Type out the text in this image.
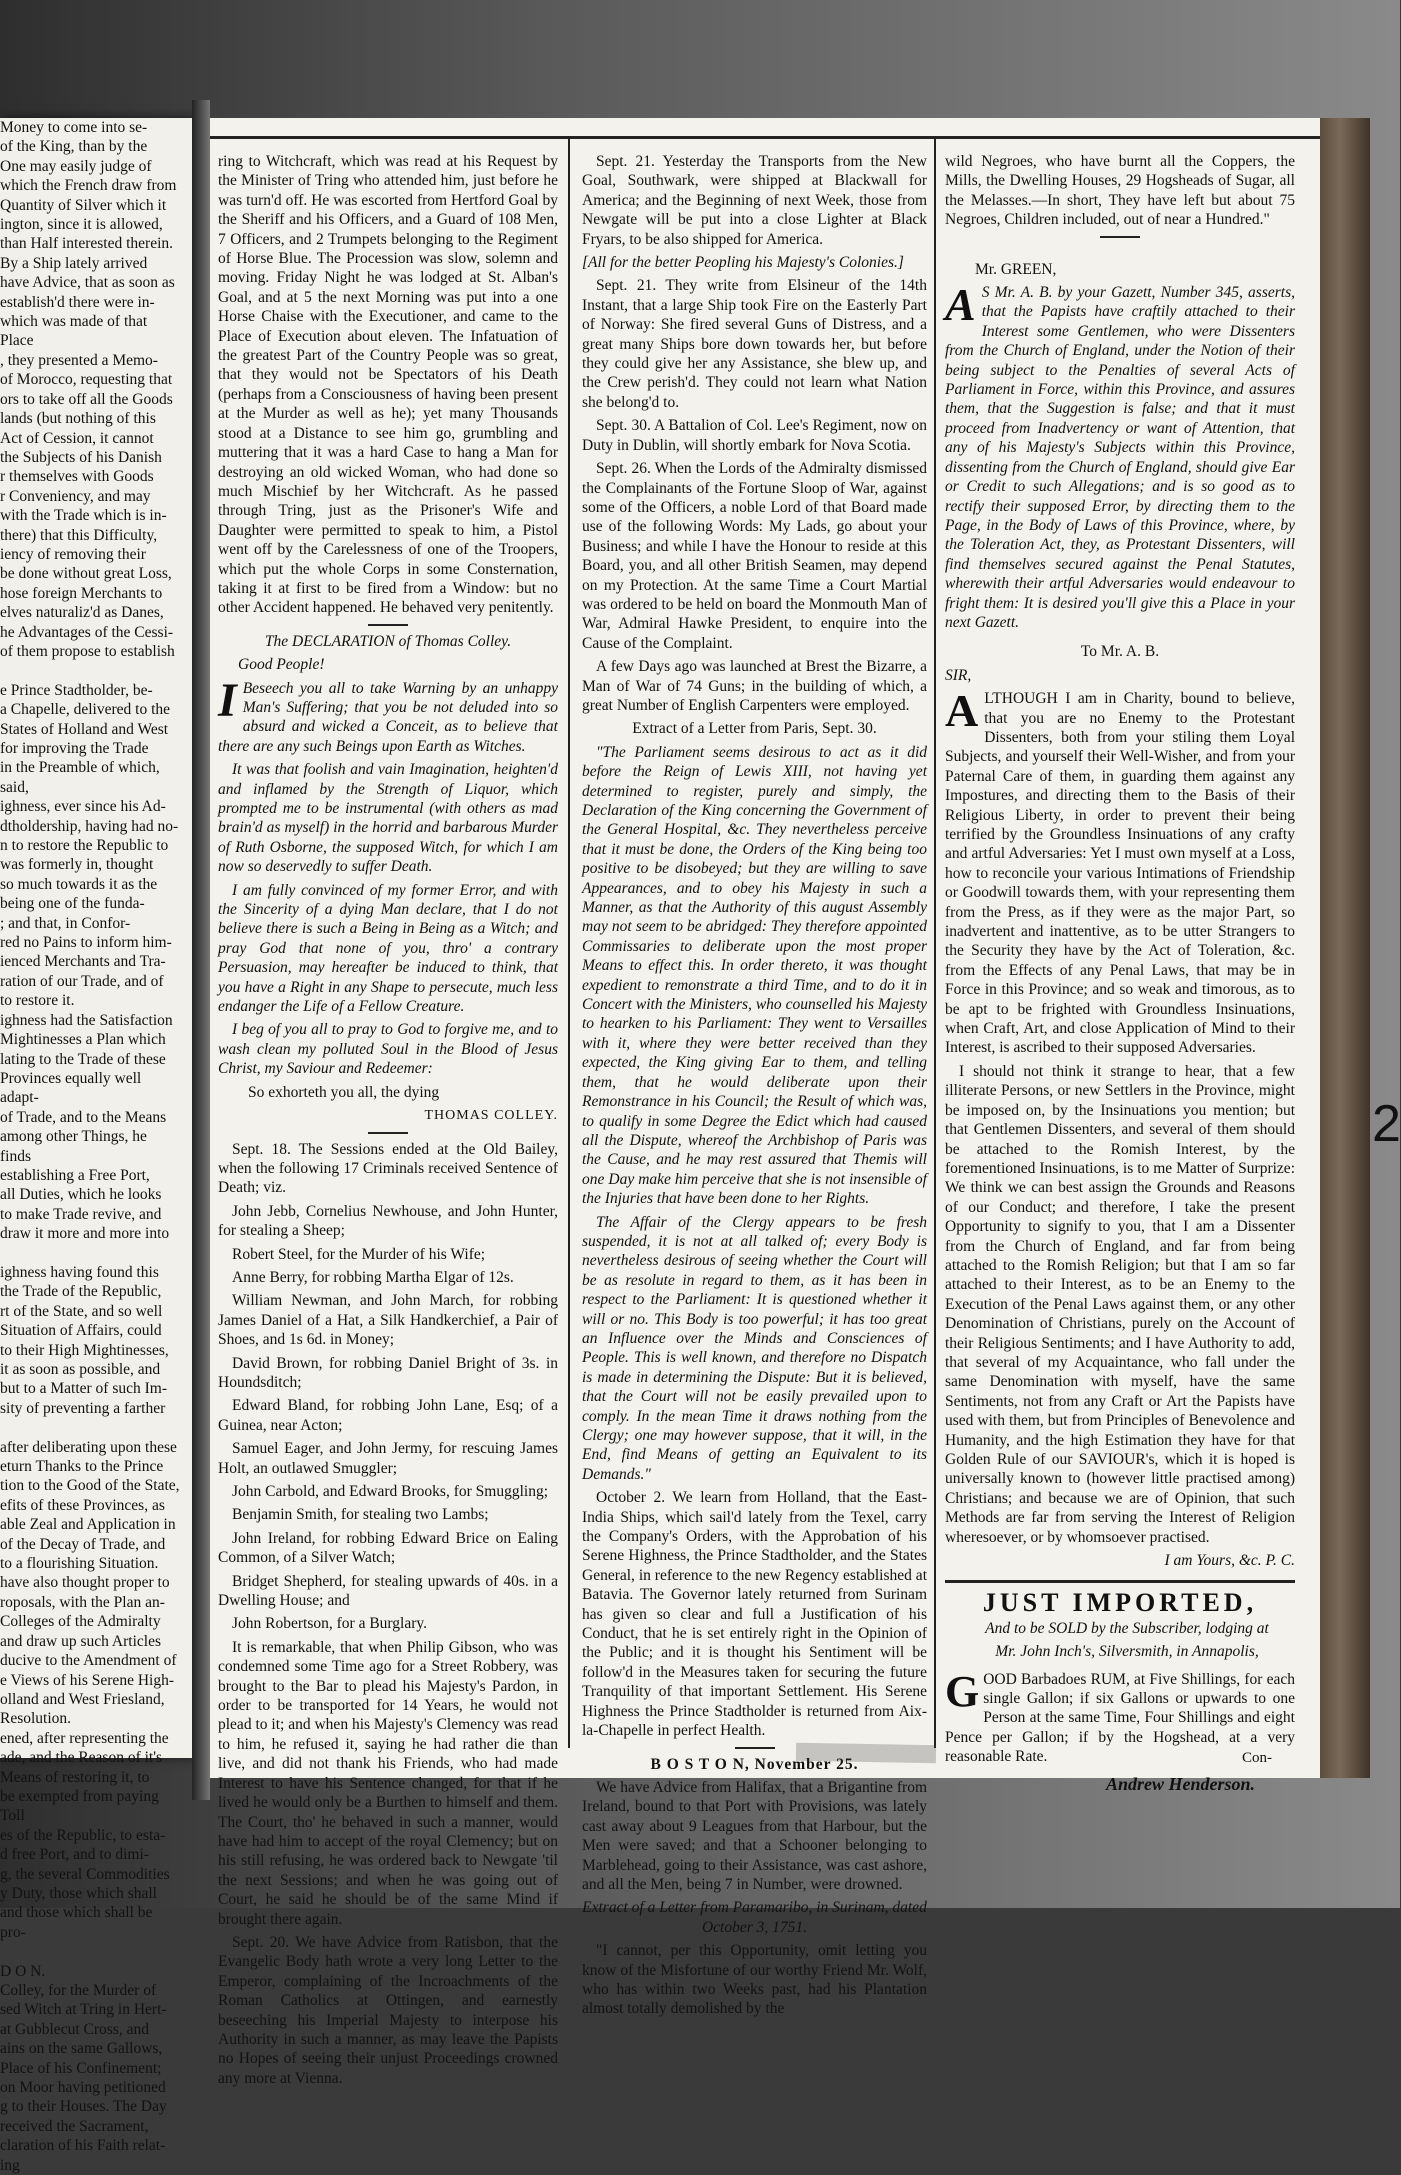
Money to come into se-

of the King, than by the

One may easily judge of

which the French draw from

Quantity of Silver which it

ington, since it is allowed,

than Half interested therein.

By a Ship lately arrived

have Advice, that as soon as

establish'd there were in-

which was made of that Place

, they presented a Memo-

of Morocco, requesting that

ors to take off all the Goods

lands (but nothing of this

Act of Cession, it cannot

the Subjects of his Danish

r themselves with Goods

r Conveniency, and may

with the Trade which is in-

there) that this Difficulty,

iency of removing their

be done without great Loss,

hose foreign Merchants to

elves naturaliz'd as Danes,

he Advantages of the Cessi-

of them propose to establish

e Prince Stadtholder, be-

a Chapelle, delivered to the

States of Holland and West

for improving the Trade

in the Preamble of which,

said,

ighness, ever since his Ad-

dtholdership, having had no-

n to restore the Republic to

was formerly in, thought

so much towards it as the

being one of the funda-

; and that, in Confor-

red no Pains to inform him-

ienced Merchants and Tra-

ration of our Trade, and of

to restore it.

ighness had the Satisfaction

Mightinesses a Plan which

lating to the Trade of these

Provinces equally well adapt-

of Trade, and to the Means

among other Things, he finds

establishing a Free Port,

all Duties, which he looks

to make Trade revive, and

draw it more and more into

ighness having found this

the Trade of the Republic,

rt of the State, and so well

Situation of Affairs, could

to their High Mightinesses,

it as soon as possible, and

but to a Matter of such Im-

sity of preventing a farther

after deliberating upon these

eturn Thanks to the Prince

tion to the Good of the State,

efits of these Provinces, as

able Zeal and Application in

of the Decay of Trade, and

to a flourishing Situation.

have also thought proper to

roposals, with the Plan an-

Colleges of the Admiralty

and draw up such Articles

ducive to the Amendment of

e Views of his Serene High-

olland and West Friesland,

Resolution.

ened, after representing the

ade, and the Reason of it's

Means of restoring it, to

be exempted from paying Toll

es of the Republic, to esta-

d free Port, and to dimi-

g, the several Commodities

y Duty, those which shall

and those which shall be pro-

D O N.

Colley, for the Murder of

sed Witch at Tring in Hert-

at Gubblecut Cross, and

ains on the same Gallows,

Place of his Confinement;

on Moor having petitioned

g to their Houses. The Day

received the Sacrament,

claration of his Faith relat-

ing

ring to Witchcraft, which was read at his Request by the Minister of Tring who attended him, just before he was turn'd off. He was escorted from Hertford Goal by the Sheriff and his Officers, and a Guard of 108 Men, 7 Officers, and 2 Trumpets belonging to the Regiment of Horse Blue. The Procession was slow, solemn and moving. Friday Night he was lodged at St. Alban's Goal, and at 5 the next Morning was put into a one Horse Chaise with the Executioner, and came to the Place of Execution about eleven. The Infatuation of the greatest Part of the Country People was so great, that they would not be Spectators of his Death (perhaps from a Consciousness of having been present at the Murder as well as he); yet many Thousands stood at a Distance to see him go, grumbling and muttering that it was a hard Case to hang a Man for destroying an old wicked Woman, who had done so much Mischief by her Witchcraft. As he passed through Tring, just as the Prisoner's Wife and Daughter were permitted to speak to him, a Pistol went off by the Carelessness of one of the Troopers, which put the whole Corps in some Consternation, taking it at first to be fired from a Window: but no other Accident happened. He behaved very penitently.

The DECLARATION of Thomas Colley.

Good People!

I Beseech you all to take Warning by an unhappy Man's Suffering; that you be not deluded into so absurd and wicked a Conceit, as to believe that there are any such Beings upon Earth as Witches.

It was that foolish and vain Imagination, heighten'd and inflamed by the Strength of Liquor, which prompted me to be instrumental (with others as mad brain'd as myself) in the horrid and barbarous Murder of Ruth Osborne, the supposed Witch, for which I am now so deservedly to suffer Death.

I am fully convinced of my former Error, and with the Sincerity of a dying Man declare, that I do not believe there is such a Being in Being as a Witch; and pray God that none of you, thro' a contrary Persuasion, may hereafter be induced to think, that you have a Right in any Shape to persecute, much less endanger the Life of a Fellow Creature.

I beg of you all to pray to God to forgive me, and to wash clean my polluted Soul in the Blood of Jesus Christ, my Saviour and Redeemer:

So exhorteth you all, the dying

THOMAS COLLEY.

Sept. 18. The Sessions ended at the Old Bailey, when the following 17 Criminals received Sentence of Death; viz.

John Jebb, Cornelius Newhouse, and John Hunter, for stealing a Sheep;

Robert Steel, for the Murder of his Wife;

Anne Berry, for robbing Martha Elgar of 12s.

William Newman, and John March, for robbing James Daniel of a Hat, a Silk Handkerchief, a Pair of Shoes, and 1s 6d. in Money;

David Brown, for robbing Daniel Bright of 3s. in Houndsditch;

Edward Bland, for robbing John Lane, Esq; of a Guinea, near Acton;

Samuel Eager, and John Jermy, for rescuing James Holt, an outlawed Smuggler;

John Carbold, and Edward Brooks, for Smuggling;

Benjamin Smith, for stealing two Lambs;

John Ireland, for robbing Edward Brice on Ealing Common, of a Silver Watch;

Bridget Shepherd, for stealing upwards of 40s. in a Dwelling House; and

John Robertson, for a Burglary.

It is remarkable, that when Philip Gibson, who was condemned some Time ago for a Street Robbery, was brought to the Bar to plead his Majesty's Pardon, in order to be transported for 14 Years, he would not plead to it; and when his Majesty's Clemency was read to him, he refused it, saying he had rather die than live, and did not thank his Friends, who had made Interest to have his Sentence changed, for that if he lived he would only be a Burthen to himself and them. The Court, tho' he behaved in such a manner, would have had him to accept of the royal Clemency; but on his still refusing, he was ordered back to Newgate 'til the next Sessions; and when he was going out of Court, he said he should be of the same Mind if brought there again.

Sept. 20. We have Advice from Ratisbon, that the Evangelic Body hath wrote a very long Letter to the Emperor, complaining of the Incroachments of the Roman Catholics at Ottingen, and earnestly beseeching his Imperial Majesty to interpose his Authority in such a manner, as may leave the Papists no Hopes of seeing their unjust Proceedings crowned any more at Vienna.

Sept. 21. Yesterday the Transports from the New Goal, Southwark, were shipped at Blackwall for America; and the Beginning of next Week, those from Newgate will be put into a close Lighter at Black Fryars, to be also shipped for America.

[All for the better Peopling his Majesty's Colonies.]

Sept. 21. They write from Elsineur of the 14th Instant, that a large Ship took Fire on the Easterly Part of Norway: She fired several Guns of Distress, and a great many Ships bore down towards her, but before they could give her any Assistance, she blew up, and the Crew perish'd. They could not learn what Nation she belong'd to.

Sept. 30. A Battalion of Col. Lee's Regiment, now on Duty in Dublin, will shortly embark for Nova Scotia.

Sept. 26. When the Lords of the Admiralty dismissed the Complainants of the Fortune Sloop of War, against some of the Officers, a noble Lord of that Board made use of the following Words: My Lads, go about your Business; and while I have the Honour to reside at this Board, you, and all other British Seamen, may depend on my Protection. At the same Time a Court Martial was ordered to be held on board the Monmouth Man of War, Admiral Hawke President, to enquire into the Cause of the Complaint.

A few Days ago was launched at Brest the Bizarre, a Man of War of 74 Guns; in the building of which, a great Number of English Carpenters were employed.

Extract of a Letter from Paris, Sept. 30.

"The Parliament seems desirous to act as it did before the Reign of Lewis XIII, not having yet determined to register, purely and simply, the Declaration of the King concerning the Government of the General Hospital, &c. They nevertheless perceive that it must be done, the Orders of the King being too positive to be disobeyed; but they are willing to save Appearances, and to obey his Majesty in such a Manner, as that the Authority of this august Assembly may not seem to be abridged: They therefore appointed Commissaries to deliberate upon the most proper Means to effect this. In order thereto, it was thought expedient to remonstrate a third Time, and to do it in Concert with the Ministers, who counselled his Majesty to hearken to his Parliament: They went to Versailles with it, where they were better received than they expected, the King giving Ear to them, and telling them, that he would deliberate upon their Remonstrance in his Council; the Result of which was, to qualify in some Degree the Edict which had caused all the Dispute, whereof the Archbishop of Paris was the Cause, and he may rest assured that Themis will one Day make him perceive that she is not insensible of the Injuries that have been done to her Rights.

The Affair of the Clergy appears to be fresh suspended, it is not at all talked of; every Body is nevertheless desirous of seeing whether the Court will be as resolute in regard to them, as it has been in respect to the Parliament: It is questioned whether it will or no. This Body is too powerful; it has too great an Influence over the Minds and Consciences of People. This is well known, and therefore no Dispatch is made in determining the Dispute: But it is believed, that the Court will not be easily prevailed upon to comply. In the mean Time it draws nothing from the Clergy; one may however suppose, that it will, in the End, find Means of getting an Equivalent to its Demands."

October 2. We learn from Holland, that the East-India Ships, which sail'd lately from the Texel, carry the Company's Orders, with the Approbation of his Serene Highness, the Prince Stadtholder, and the States General, in reference to the new Regency established at Batavia. The Governor lately returned from Surinam has given so clear and full a Justification of his Conduct, that he is set entirely right in the Opinion of the Public; and it is thought his Sentiment will be follow'd in the Measures taken for securing the future Tranquility of that important Settlement. His Serene Highness the Prince Stadtholder is returned from Aix-la-Chapelle in perfect Health.

B O S T O N, November 25.

We have Advice from Halifax, that a Brigantine from Ireland, bound to that Port with Provisions, was lately cast away about 9 Leagues from that Harbour, but the Men were saved; and that a Schooner belonging to Marblehead, going to their Assistance, was cast ashore, and all the Men, being 7 in Number, were drowned.

Extract of a Letter from Paramaribo, in Surinam, dated October 3, 1751.

"I cannot, per this Opportunity, omit letting you know of the Misfortune of our worthy Friend Mr. Wolf, who has within two Weeks past, had his Plantation almost totally demolished by the

wild Negroes, who have burnt all the Coppers, the Mills, the Dwelling Houses, 29 Hogsheads of Sugar, all the Melasses.—In short, They have left but about 75 Negroes, Children included, out of near a Hundred."

Mr. GREEN,

A S Mr. A. B. by your Gazett, Number 345, asserts, that the Papists have craftily attached to their Interest some Gentlemen, who were Dissenters from the Church of England, under the Notion of their being subject to the Penalties of several Acts of Parliament in Force, within this Province, and assures them, that the Suggestion is false; and that it must proceed from Inadvertency or want of Attention, that any of his Majesty's Subjects within this Province, dissenting from the Church of England, should give Ear or Credit to such Allegations; and is so good as to rectify their supposed Error, by directing them to the Page, in the Body of Laws of this Province, where, by the Toleration Act, they, as Protestant Dissenters, will find themselves secured against the Penal Statutes, wherewith their artful Adversaries would endeavour to fright them: It is desired you'll give this a Place in your next Gazett.

To Mr. A. B.

SIR,

ALTHOUGH I am in Charity, bound to believe, that you are no Enemy to the Protestant Dissenters, both from your stiling them Loyal Subjects, and yourself their Well-Wisher, and from your Paternal Care of them, in guarding them against any Impostures, and directing them to the Basis of their Religious Liberty, in order to prevent their being terrified by the Groundless Insinuations of any crafty and artful Adversaries: Yet I must own myself at a Loss, how to reconcile your various Intimations of Friendship or Goodwill towards them, with your representing them from the Press, as if they were as the major Part, so inadvertent and inattentive, as to be utter Strangers to the Security they have by the Act of Toleration, &c. from the Effects of any Penal Laws, that may be in Force in this Province; and so weak and timorous, as to be apt to be frighted with Groundless Insinuations, when Craft, Art, and close Application of Mind to their Interest, is ascribed to their supposed Adversaries.

I should not think it strange to hear, that a few illiterate Persons, or new Settlers in the Province, might be imposed on, by the Insinuations you mention; but that Gentlemen Dissenters, and several of them should be attached to the Romish Interest, by the forementioned Insinuations, is to me Matter of Surprize: We think we can best assign the Grounds and Reasons of our Conduct; and therefore, I take the present Opportunity to signify to you, that I am a Dissenter from the Church of England, and far from being attached to the Romish Religion; but that I am so far attached to their Interest, as to be an Enemy to the Execution of the Penal Laws against them, or any other Denomination of Christians, purely on the Account of their Religious Sentiments; and I have Authority to add, that several of my Acquaintance, who fall under the same Denomination with myself, have the same Sentiments, not from any Craft or Art the Papists have used with them, but from Principles of Benevolence and Humanity, and the high Estimation they have for that Golden Rule of our SAVIOUR's, which it is hoped is universally known to (however little practised among) Christians; and because we are of Opinion, that such Methods are far from serving the Interest of Religion wheresoever, or by whomsoever practised.

I am Yours, &c. P. C.

JUST IMPORTED,

And to be SOLD by the Subscriber, lodging at

Mr. John Inch's, Silversmith, in Annapolis,

GOOD Barbadoes RUM, at Five Shillings, for each single Gallon; if six Gallons or upwards to one Person at the same Time, Four Shillings and eight Pence per Gallon; if by the Hogshead, at a very reasonable Rate.

Andrew Henderson.
Con-
2
